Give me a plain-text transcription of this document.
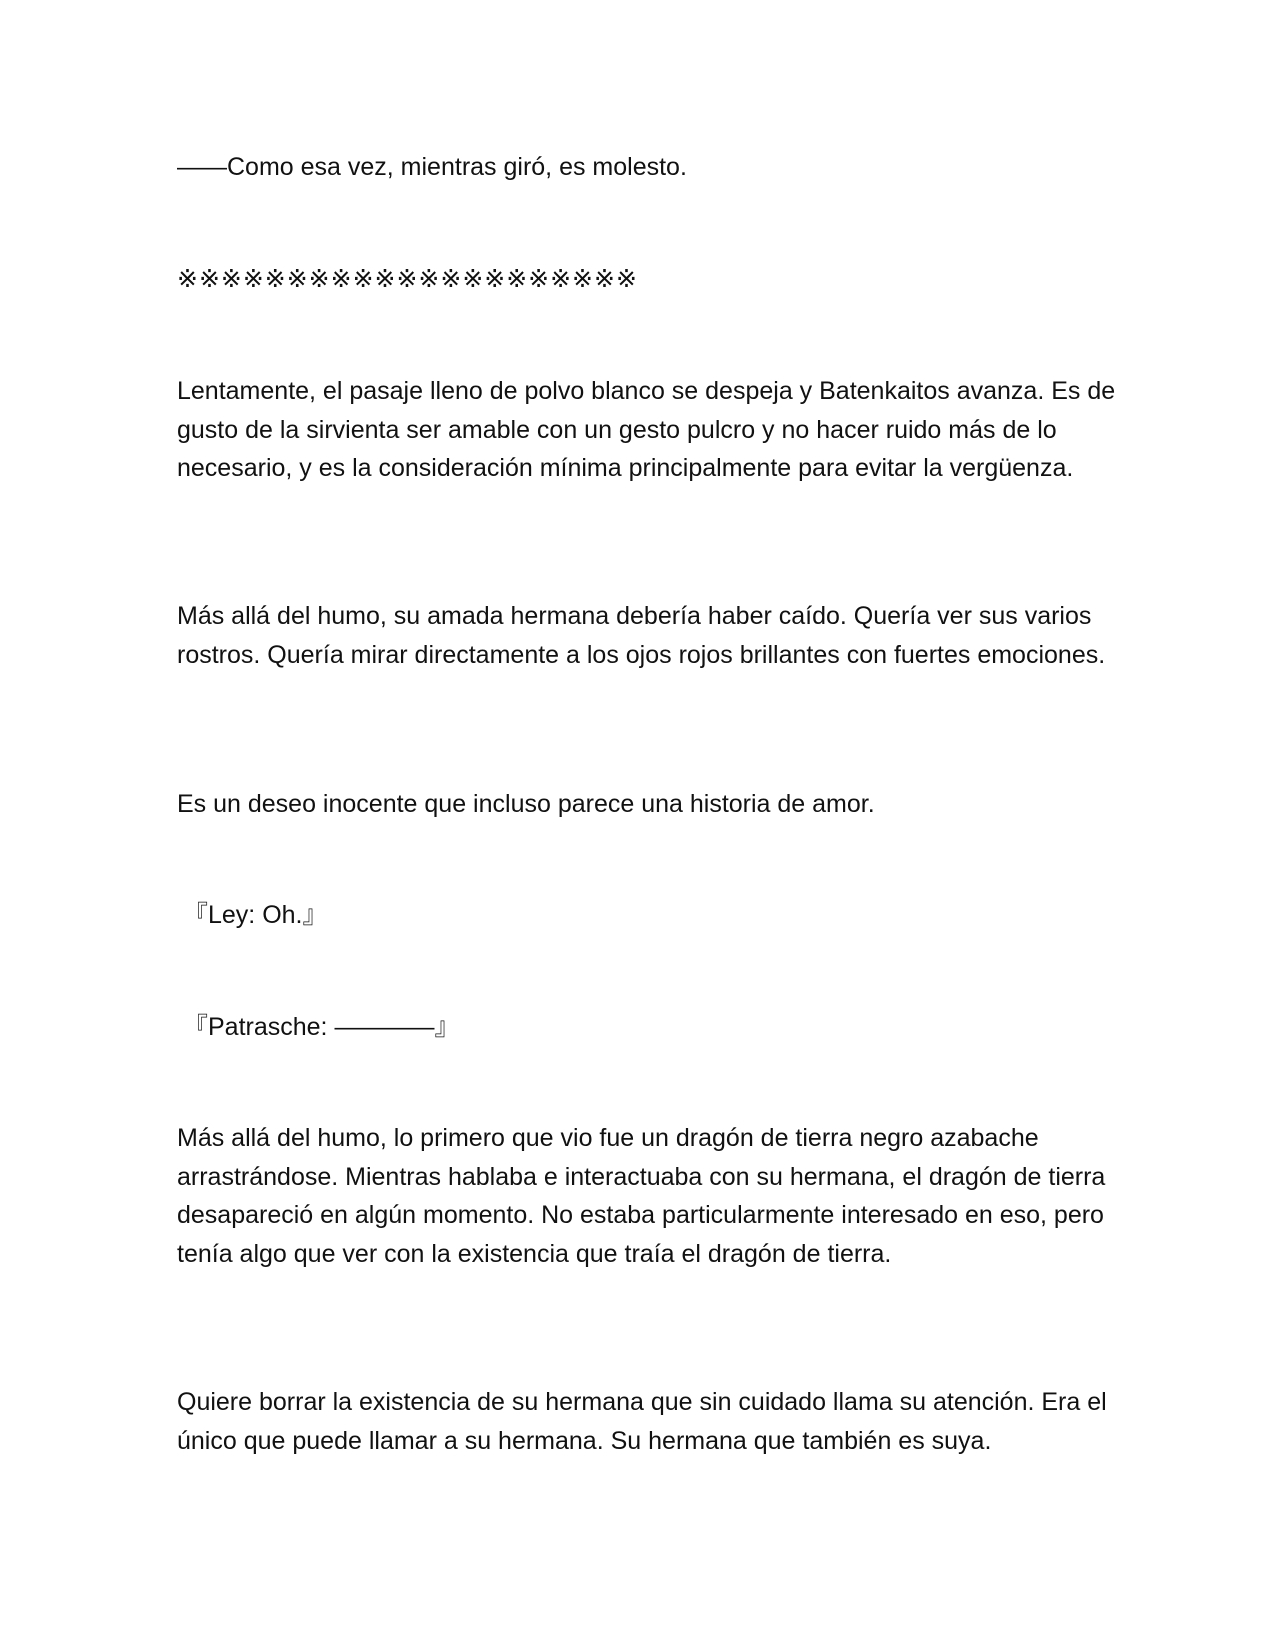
——Como esa vez, mientras giró, es molesto.

※※※※※※※※※※※※※※※※※※※※※

Lentamente, el pasaje lleno de polvo blanco se despeja y Batenkaitos avanza. Es de gusto de la sirvienta ser amable con un gesto pulcro y no hacer ruido más de lo necesario, y es la consideración mínima principalmente para evitar la vergüenza.

Más allá del humo, su amada hermana debería haber caído. Quería ver sus varios rostros. Quería mirar directamente a los ojos rojos brillantes con fuertes emociones.

Es un deseo inocente que incluso parece una historia de amor.

『Ley: Oh.』

『Patrasche: ————』

Más allá del humo, lo primero que vio fue un dragón de tierra negro azabache arrastrándose. Mientras hablaba e interactuaba con su hermana, el dragón de tierra desapareció en algún momento. No estaba particularmente interesado en eso, pero tenía algo que ver con la existencia que traía el dragón de tierra.

Quiere borrar la existencia de su hermana que sin cuidado llama su atención. Era el único que puede llamar a su hermana. Su hermana que también es suya.
